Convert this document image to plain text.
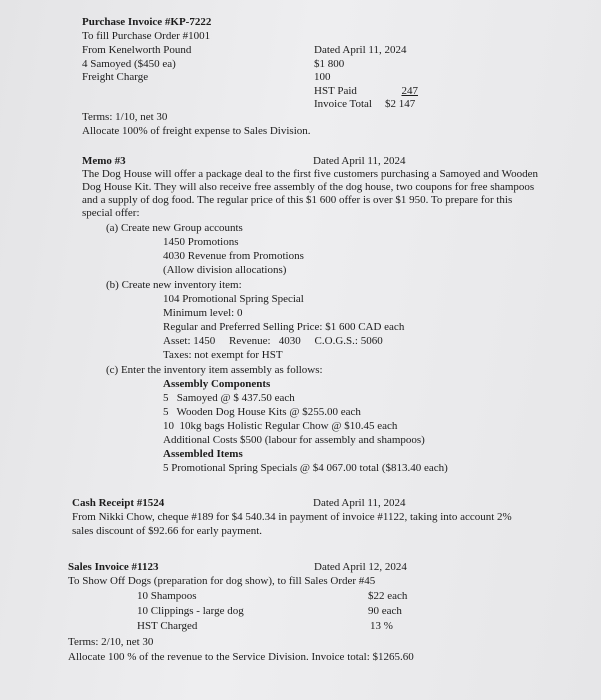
Purchase Invoice #KP-7222
To fill Purchase Order #1001
From Kenelworth Pound	Dated April 11, 2024
4 Samoyed ($450 ea)	$1 800
Freight Charge	100
HST Paid	247
Invoice Total $2 147
Terms: 1/10, net 30
Allocate 100% of freight expense to Sales Division.
Memo #3	Dated April 11, 2024
The Dog House will offer a package deal to the first five customers purchasing a Samoyed and Wooden
Dog House Kit. They will also receive free assembly of the dog house, two coupons for free shampoos
and a supply of dog food. The regular price of this $1 600 offer is over $1 950. To prepare for this
special offer:
(a) Create new Group accounts
1450 Promotions
4030 Revenue from Promotions
(Allow division allocations)
(b) Create new inventory item:
104 Promotional Spring Special
Minimum level: 0
Regular and Preferred Selling Price: $1 600 CAD each
Asset: 1450     Revenue:   4030     C.O.G.S.: 5060
Taxes: not exempt for HST
(c) Enter the inventory item assembly as follows:
Assembly Components
5   Samoyed @ $ 437.50 each
5   Wooden Dog House Kits @ $255.00 each
10  10kg bags Holistic Regular Chow @ $10.45 each
Additional Costs $500 (labour for assembly and shampoos)
Assembled Items
5 Promotional Spring Specials @ $4 067.00 total ($813.40 each)
Cash Receipt #1524	Dated April 11, 2024
From Nikki Chow, cheque #189 for $4 540.34 in payment of invoice #1122, taking into account 2%
sales discount of $92.66 for early payment.
Sales Invoice #1123	Dated April 12, 2024
To Show Off Dogs (preparation for dog show), to fill Sales Order #45
10 Shampoos	$22 each
10 Clippings - large dog	90 each
HST Charged	13 %
Terms: 2/10, net 30
Allocate 100 % of the revenue to the Service Division. Invoice total: $1265.60
